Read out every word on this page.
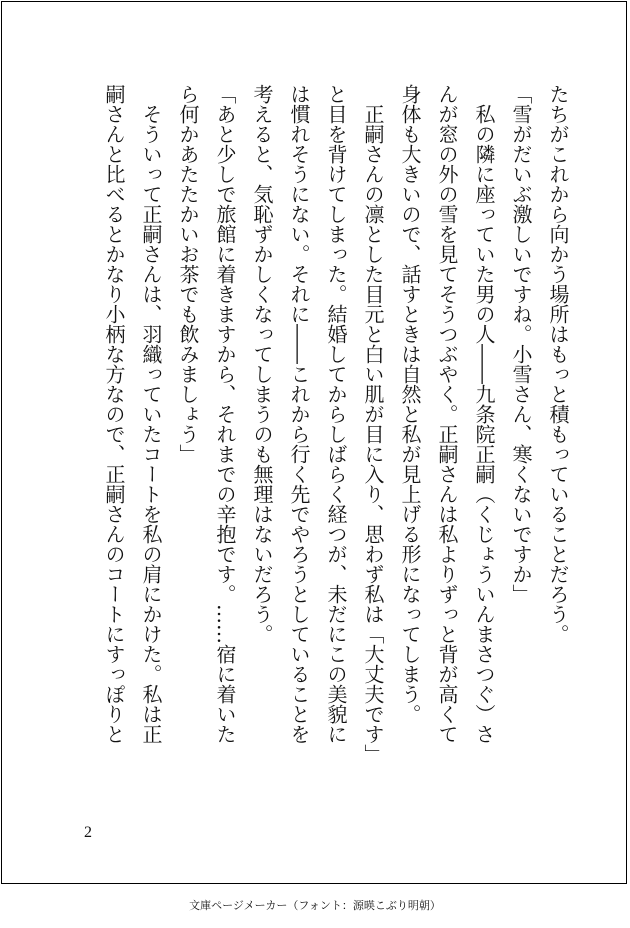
たちがこれから向かう場所はもっと積もっていることだろう。
「雪がだいぶ激しいですね。小雪さん、寒くないですか」
　私の隣に座っていた男の人――九条院正嗣（くじょういんまさつぐ）さ
んが窓の外の雪を見てそうつぶやく。正嗣さんは私よりずっと背が高くて
身体も大きいので、話すときは自然と私が見上げる形になってしまう。
　正嗣さんの凛とした目元と白い肌が目に入り、思わず私は「大丈夫です」
と目を背けてしまった。結婚してからしばらく経つが、未だにこの美貌に
は慣れそうにない。それに――これから行く先でやろうとしていることを
考えると、気恥ずかしくなってしまうのも無理はないだろう。
「あと少しで旅館に着きますから、それまでの辛抱です。……宿に着いた
ら何かあたたかいお茶でも飲みましょう」
　そういって正嗣さんは、羽織っていたコートを私の肩にかけた。私は正
嗣さんと比べるとかなり小柄な方なので、正嗣さんのコートにすっぽりと
2
文庫ページメーカー（フォント：源暎こぶり明朝）
